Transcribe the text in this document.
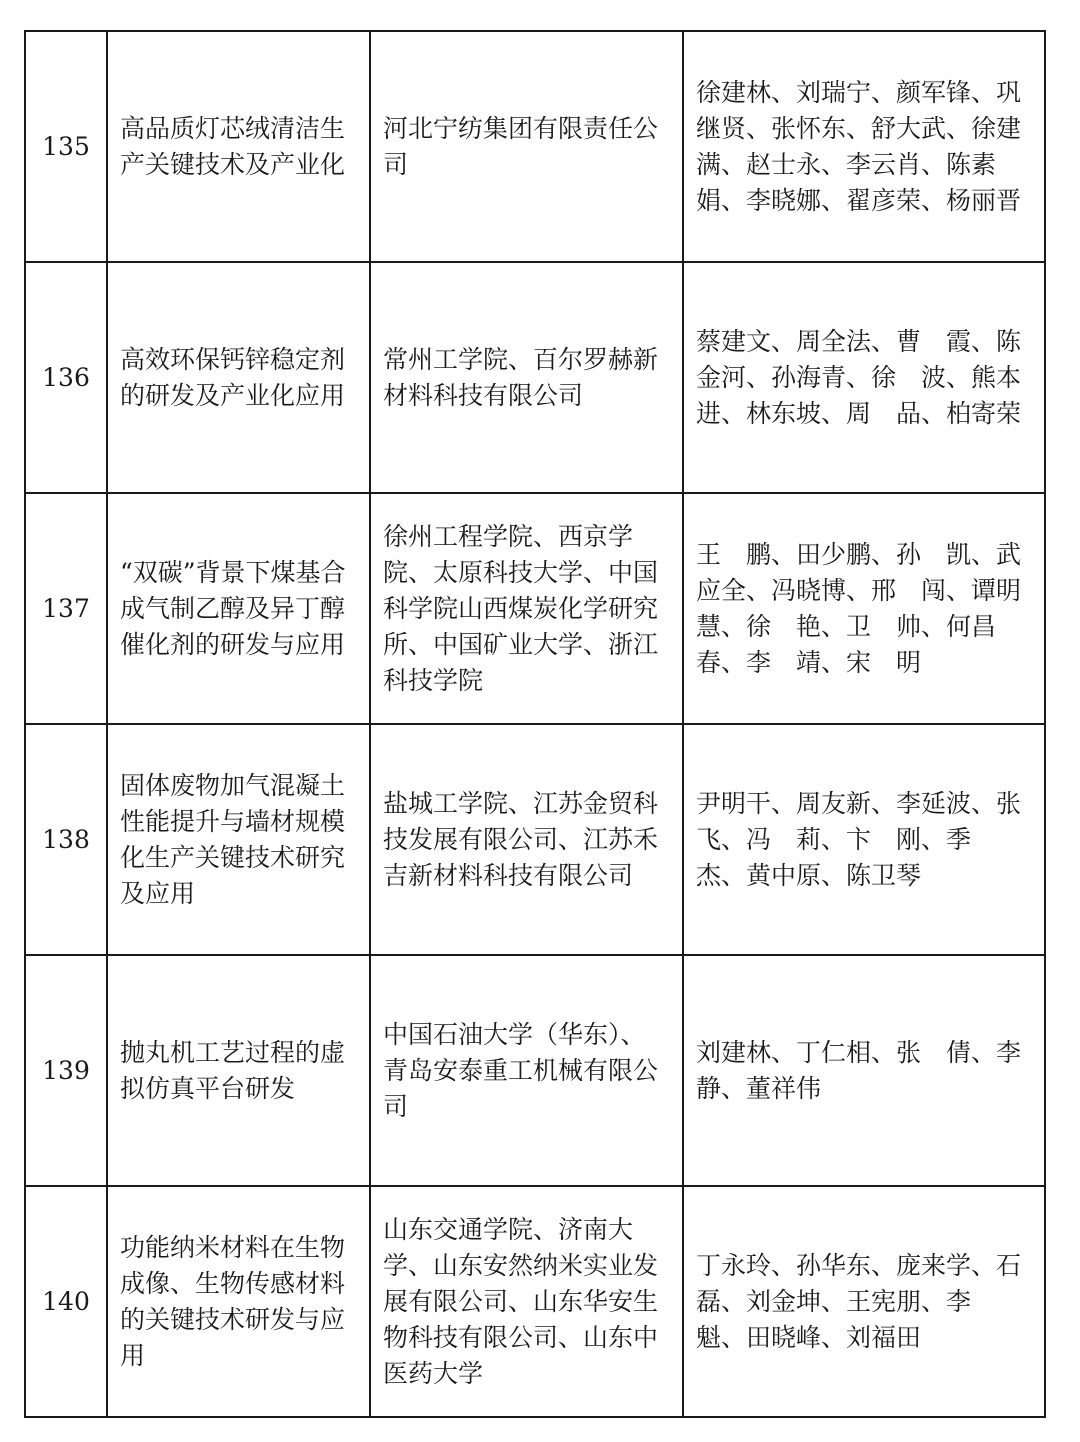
135	高品质灯芯绒清洁生产关键技术及产业化	河北宁纺集团有限责任公司	徐建林、刘瑞宁、颜军锋、巩继贤、张怀东、舒大武、徐建满、赵士永、李云肖、陈素娟、李晓娜、翟彦荣、杨丽晋
136	高效环保钙锌稳定剂的研发及产业化应用	常州工学院、百尔罗赫新材料科技有限公司	蔡建文、周全法、曹　霞、陈金河、孙海青、徐　波、熊本进、林东坡、周　品、柏寄荣
137	“双碳”背景下煤基合成气制乙醇及异丁醇催化剂的研发与应用	徐州工程学院、西京学院、太原科技大学、中国科学院山西煤炭化学研究所、中国矿业大学、浙江科技学院	王　鹏、田少鹏、孙　凯、武应全、冯晓博、邢　闯、谭明慧、徐　艳、卫　帅、何昌春、李　靖、宋　明
138	固体废物加气混凝土性能提升与墙材规模化生产关键技术研究及应用	盐城工学院、江苏金贸科技发展有限公司、江苏禾吉新材料科技有限公司	尹明干、周友新、李延波、张飞、冯　莉、卞　刚、季　杰、黄中原、陈卫琴
139	抛丸机工艺过程的虚拟仿真平台研发	中国石油大学（华东）、青岛安泰重工机械有限公司	刘建林、丁仁相、张　倩、李静、董祥伟
140	功能纳米材料在生物成像、生物传感材料的关键技术研发与应用	山东交通学院、济南大学、山东安然纳米实业发展有限公司、山东华安生物科技有限公司、山东中医药大学	丁永玲、孙华东、庞来学、石磊、刘金坤、王宪朋、李　魁、田晓峰、刘福田
